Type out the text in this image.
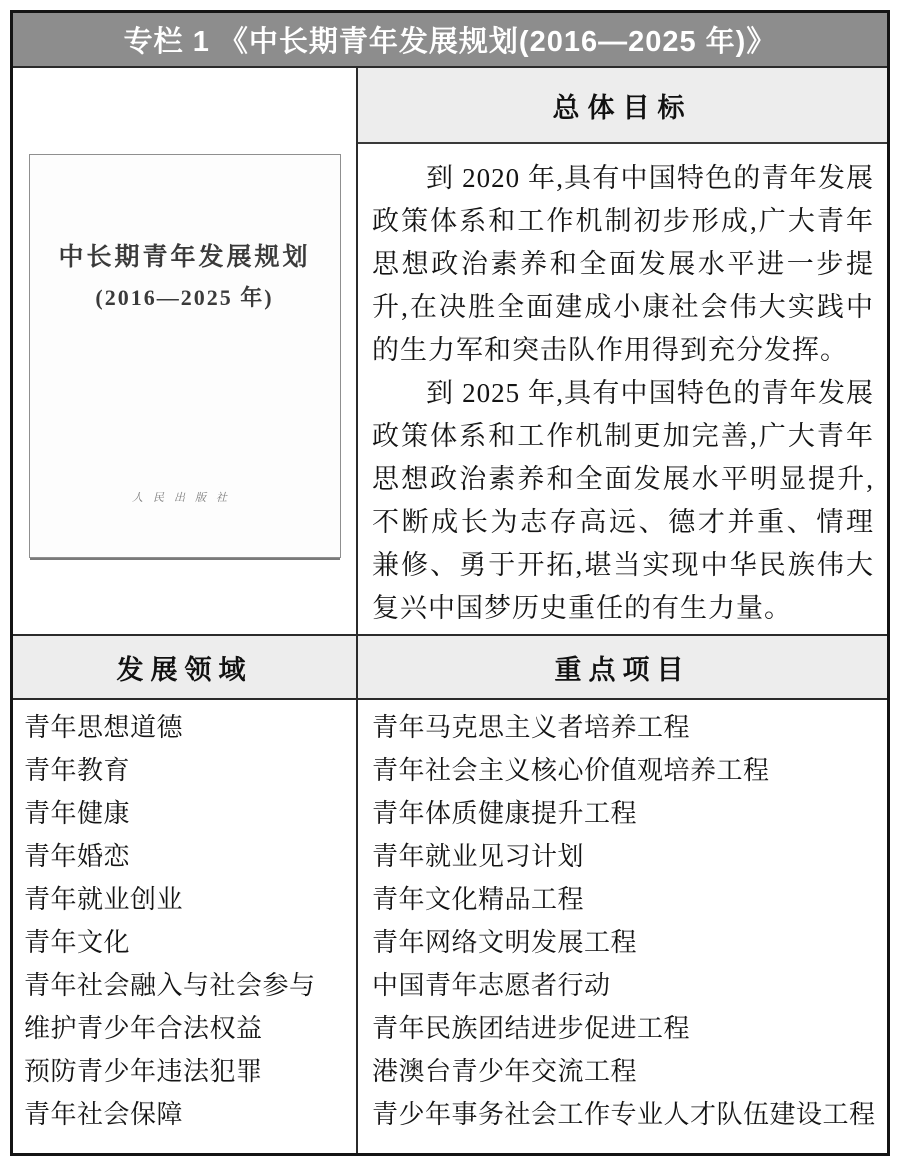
专栏 1 《中长期青年发展规划(2016—2025 年)》
中长期青年发展规划
(2016—2025 年)
人民出版社
总体目标

到 2020 年,具有中国特色的青年发展政策体系和工作机制初步形成,广大青年思想政治素养和全面发展水平进一步提升,在决胜全面建成小康社会伟大实践中的生力军和突击队作用得到充分发挥。

到 2025 年,具有中国特色的青年发展政策体系和工作机制更加完善,广大青年思想政治素养和全面发展水平明显提升,不断成长为志存高远、德才并重、情理兼修、勇于开拓,堪当实现中华民族伟大复兴中国梦历史重任的有生力量。

发展领域	重点项目
青年思想道德
青年教育
青年健康
青年婚恋
青年就业创业
青年文化
青年社会融入与社会参与
维护青少年合法权益
预防青少年违法犯罪
青年社会保障
青年马克思主义者培养工程
青年社会主义核心价值观培养工程
青年体质健康提升工程
青年就业见习计划
青年文化精品工程
青年网络文明发展工程
中国青年志愿者行动
青年民族团结进步促进工程
港澳台青少年交流工程
青少年事务社会工作专业人才队伍建设工程
